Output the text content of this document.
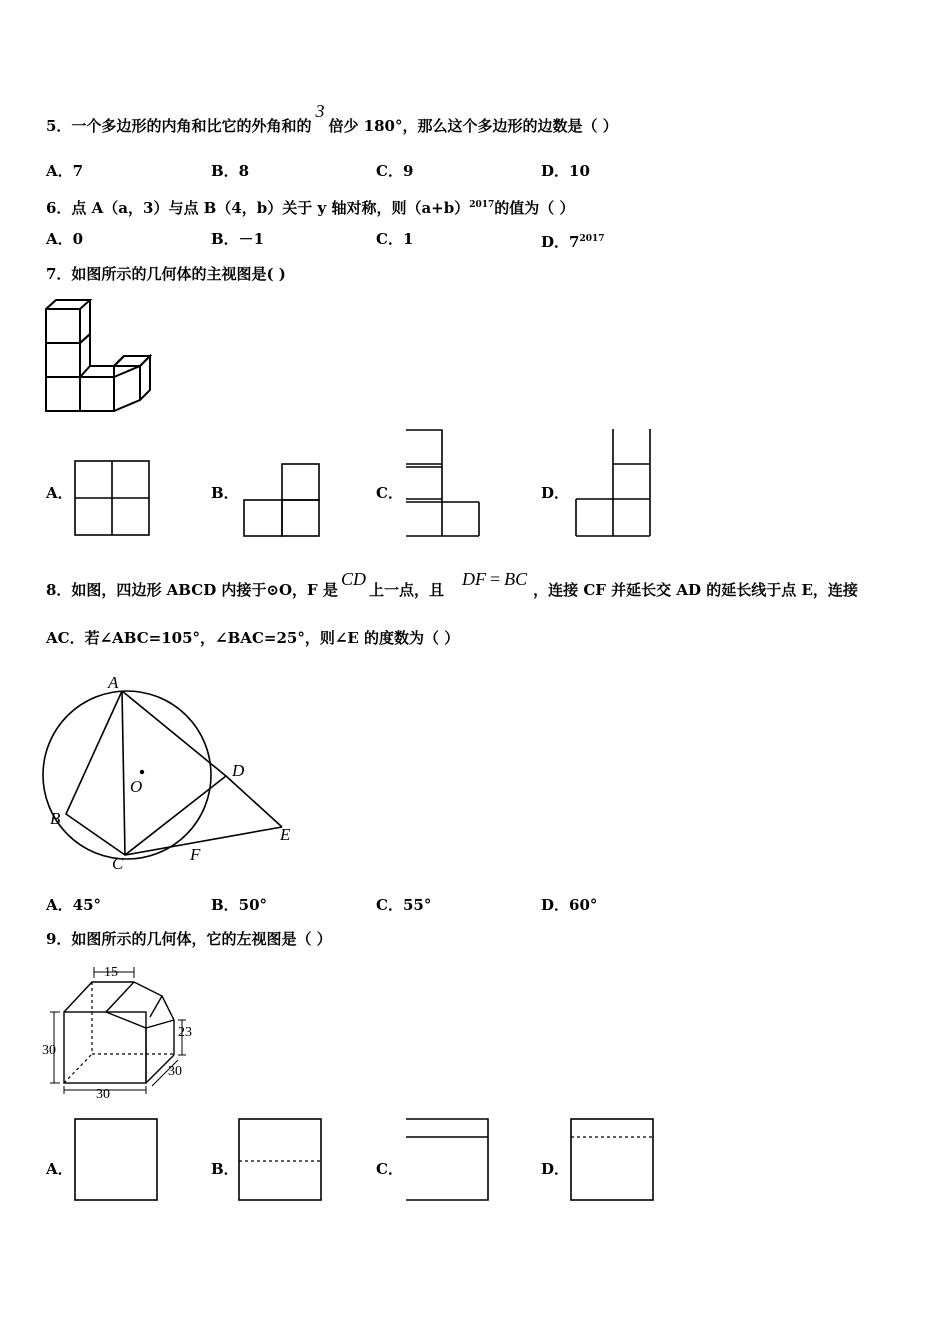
5．一个多边形的内角和比它的外角和的3倍少 180°，那么这个多边形的边数是（ ）
A．7	B．8	C．9	D．10
6．点 A（a，3）与点 B（4，b）关于 y 轴对称，则$(a+b)^{2017}$的值为（ ）
A．0	B．－1	C．1	D．$7^{2017}$
7．如图所示的几何体的主视图是( )
A．	B．	C．	D．
8．如图，四边形 ABCD 内接于⊙O，F 是CD上一点，且DF = BC，连接 CF 并延长交 AD 的延长线于点 E，连接
AC．若∠ABC=105°，∠BAC=25°，则∠E 的度数为（ ）
A
B
C
D
E
F
O
A．45°	B．50°	C．55°	D．60°
9．如图所示的几何体，它的左视图是（ ）
15
23
30
30
30
A．	B．	C．	D．
